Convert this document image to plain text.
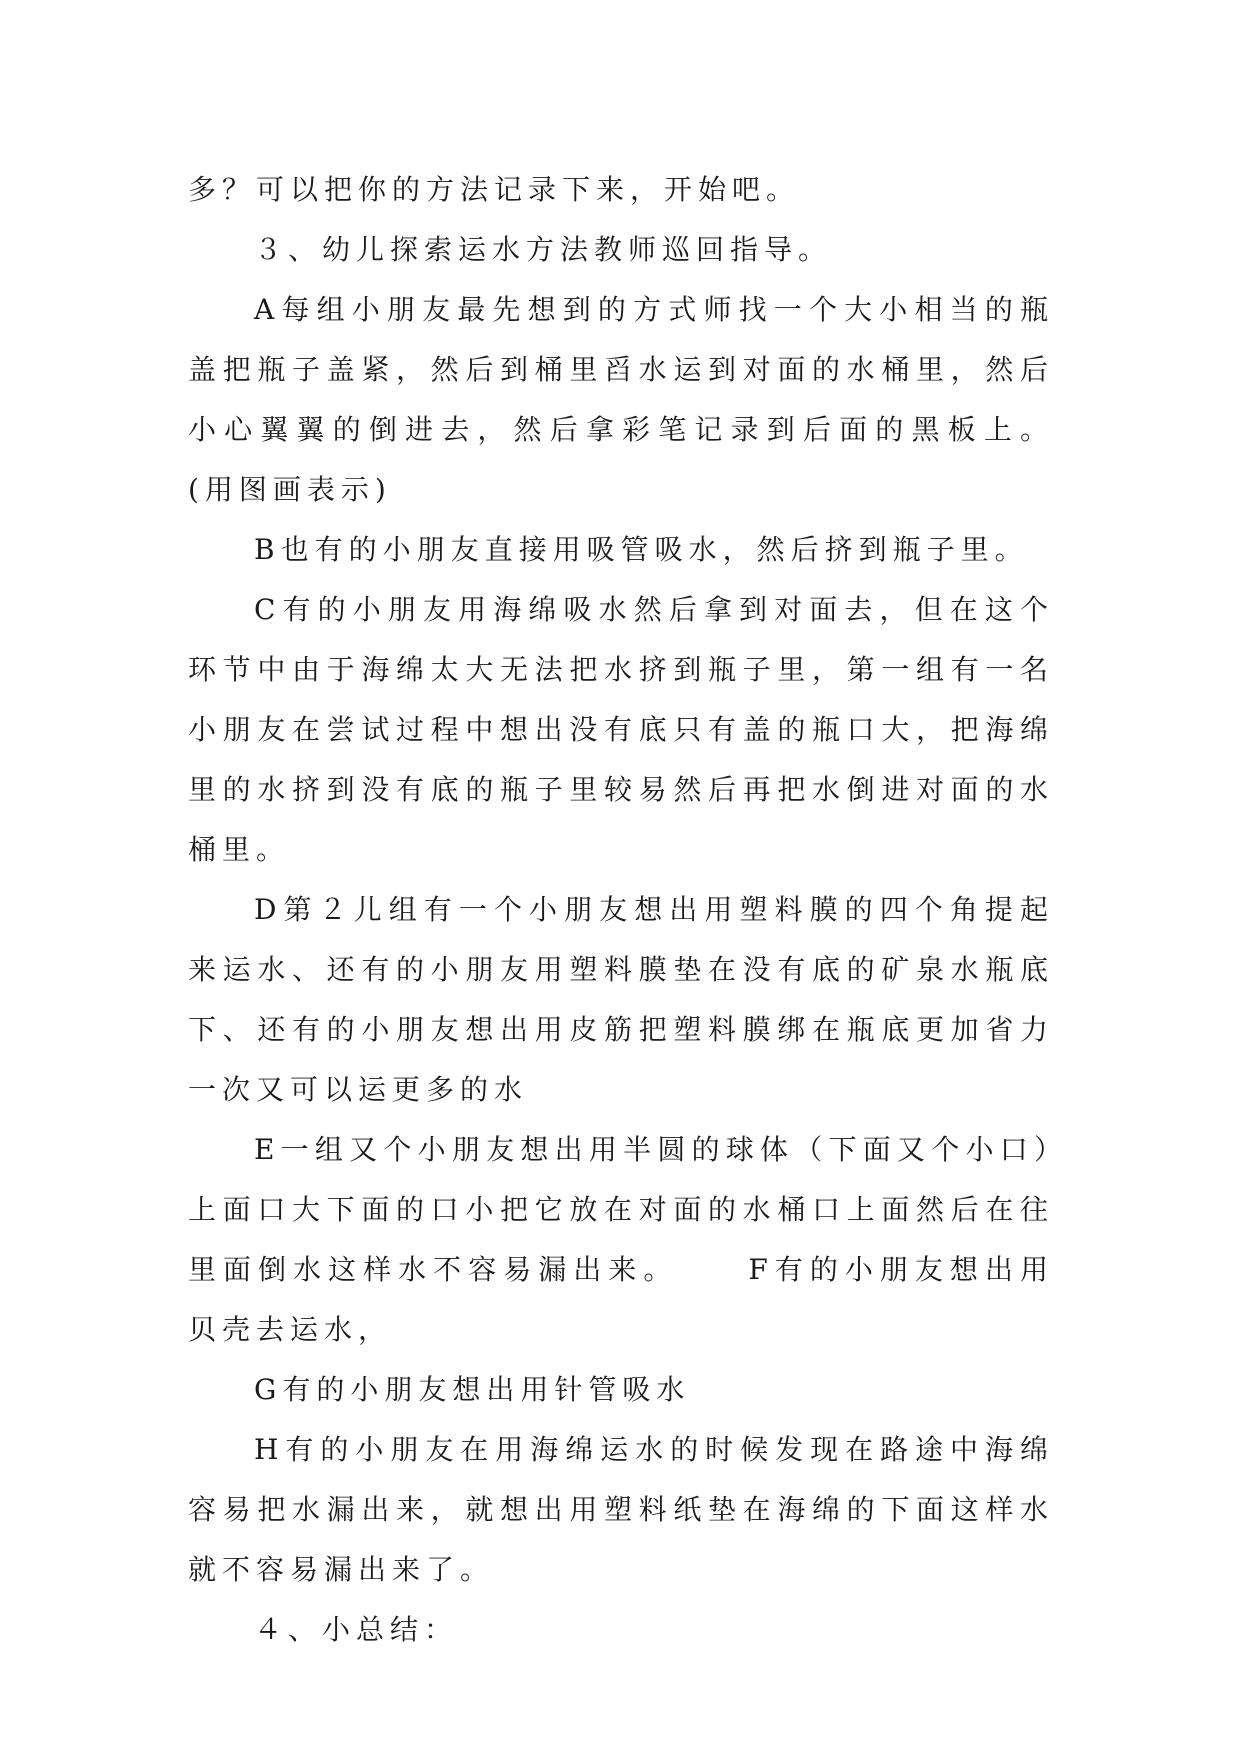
多？可以把你的方法记录下来，开始吧。

３、幼儿探索运水方法教师巡回指导。

A每组小朋友最先想到的方式师找一个大小相当的瓶盖把瓶子盖紧，然后到桶里舀水运到对面的水桶里，然后小心翼翼的倒进去，然后拿彩笔记录到后面的黑板上。(用图画表示)

B也有的小朋友直接用吸管吸水，然后挤到瓶子里。

C有的小朋友用海绵吸水然后拿到对面去，但在这个环节中由于海绵太大无法把水挤到瓶子里，第一组有一名小朋友在尝试过程中想出没有底只有盖的瓶口大，把海绵里的水挤到没有底的瓶子里较易然后再把水倒进对面的水桶里。

D第２儿组有一个小朋友想出用塑料膜的四个角提起来运水、还有的小朋友用塑料膜垫在没有底的矿泉水瓶底下、还有的小朋友想出用皮筋把塑料膜绑在瓶底更加省力一次又可以运更多的水

E一组又个小朋友想出用半圆的球体（下面又个小口）上面口大下面的口小把它放在对面的水桶口上面然后在往里面倒水这样水不容易漏出来。	F有的小朋友想出用贝壳去运水，

G有的小朋友想出用针管吸水

H有的小朋友在用海绵运水的时候发现在路途中海绵容易把水漏出来，就想出用塑料纸垫在海绵的下面这样水就不容易漏出来了。

４、小总结：
